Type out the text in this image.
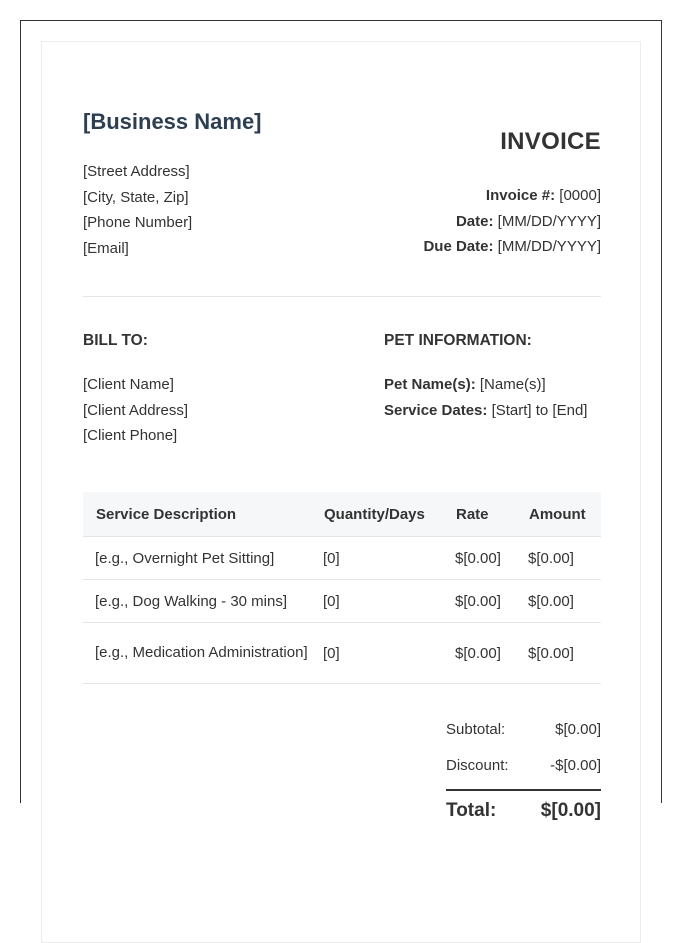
[Business Name]
[Street Address]
[City, State, Zip]
[Phone Number]
[Email]
INVOICE
Invoice #: [0000]
Date: [MM/DD/YYYY]
Due Date: [MM/DD/YYYY]
BILL TO:
[Client Name]
[Client Address]
[Client Phone]
PET INFORMATION:
Pet Name(s): [Name(s)]
Service Dates: [Start] to [End]
Service Description	Quantity/Days	Rate	Amount
[e.g., Overnight Pet Sitting]	[0]	$[0.00]	$[0.00]
[e.g., Dog Walking - 30 mins]	[0]	$[0.00]	$[0.00]
[e.g., Medication Administration]	[0]	$[0.00]	$[0.00]
Subtotal:	$[0.00]
Discount:	-$[0.00]
Total: $[0.00]
